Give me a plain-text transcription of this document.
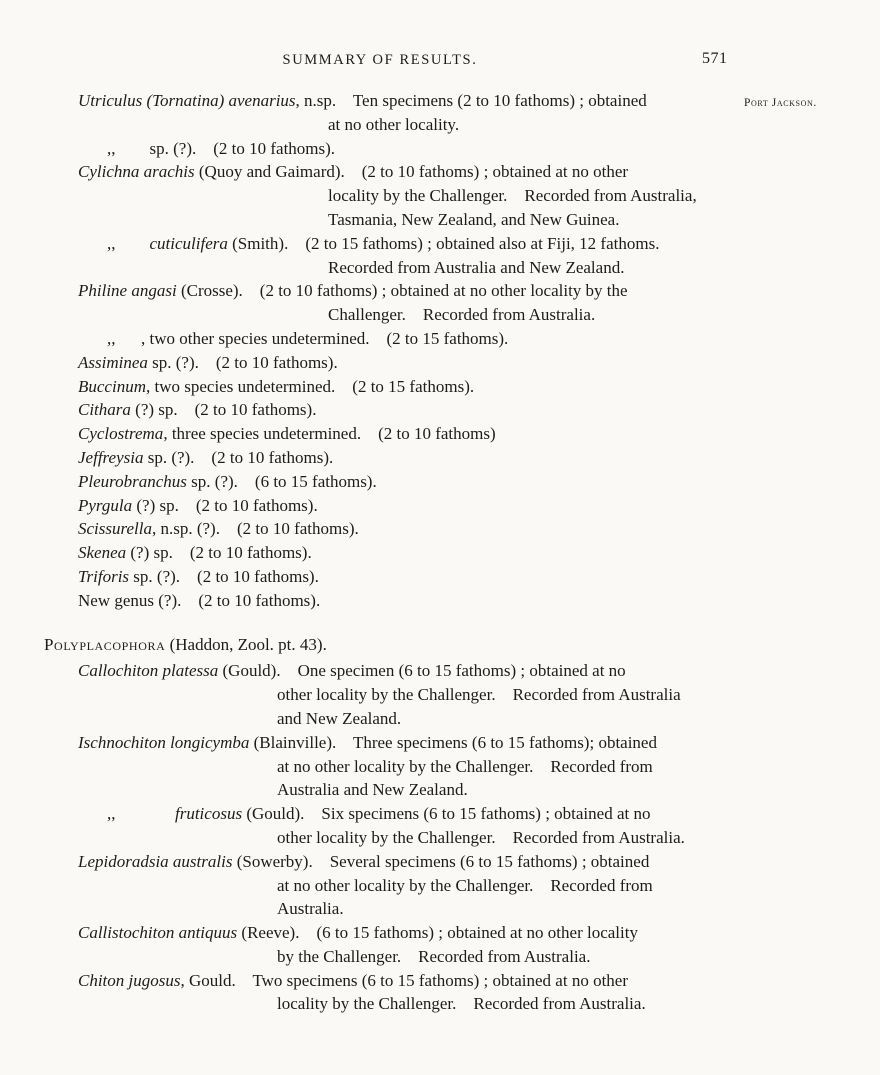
SUMMARY OF RESULTS.	571
Port Jackson.
Utriculus (Tornatina) avenarius, n.sp.    Ten specimens (2 to 10 fathoms) ; obtained
at no other locality.
,,        sp. (?).    (2 to 10 fathoms).
Cylichna arachis (Quoy and Gaimard).    (2 to 10 fathoms) ; obtained at no other
locality by the Challenger.    Recorded from Australia,
Tasmania, New Zealand, and New Guinea.
,,        cuticulifera (Smith).    (2 to 15 fathoms) ; obtained also at Fiji, 12 fathoms.
Recorded from Australia and New Zealand.
Philine angasi (Crosse).    (2 to 10 fathoms) ; obtained at no other locality by the
Challenger.    Recorded from Australia.
,,      , two other species undetermined.    (2 to 15 fathoms).
Assiminea sp. (?).    (2 to 10 fathoms).
Buccinum, two species undetermined.    (2 to 15 fathoms).
Cithara (?) sp.    (2 to 10 fathoms).
Cyclostrema, three species undetermined.    (2 to 10 fathoms)
Jeffreysia sp. (?).    (2 to 10 fathoms).
Pleurobranchus sp. (?).    (6 to 15 fathoms).
Pyrgula (?) sp.    (2 to 10 fathoms).
Scissurella, n.sp. (?).    (2 to 10 fathoms).
Skenea (?) sp.    (2 to 10 fathoms).
Triforis sp. (?).    (2 to 10 fathoms).
New genus (?).    (2 to 10 fathoms).
Polyplacophora (Haddon, Zool. pt. 43).
Callochiton platessa (Gould).    One specimen (6 to 15 fathoms) ; obtained at no
other locality by the Challenger.    Recorded from Australia
and New Zealand.
Ischnochiton longicymba (Blainville).    Three specimens (6 to 15 fathoms); obtained
at no other locality by the Challenger.    Recorded from
Australia and New Zealand.
,,              fruticosus (Gould).    Six specimens (6 to 15 fathoms) ; obtained at no
other locality by the Challenger.    Recorded from Australia.
Lepidoradsia australis (Sowerby).    Several specimens (6 to 15 fathoms) ; obtained
at no other locality by the Challenger.    Recorded from
Australia.
Callistochiton antiquus (Reeve).    (6 to 15 fathoms) ; obtained at no other locality
by the Challenger.    Recorded from Australia.
Chiton jugosus, Gould.    Two specimens (6 to 15 fathoms) ; obtained at no other
locality by the Challenger.    Recorded from Australia.
